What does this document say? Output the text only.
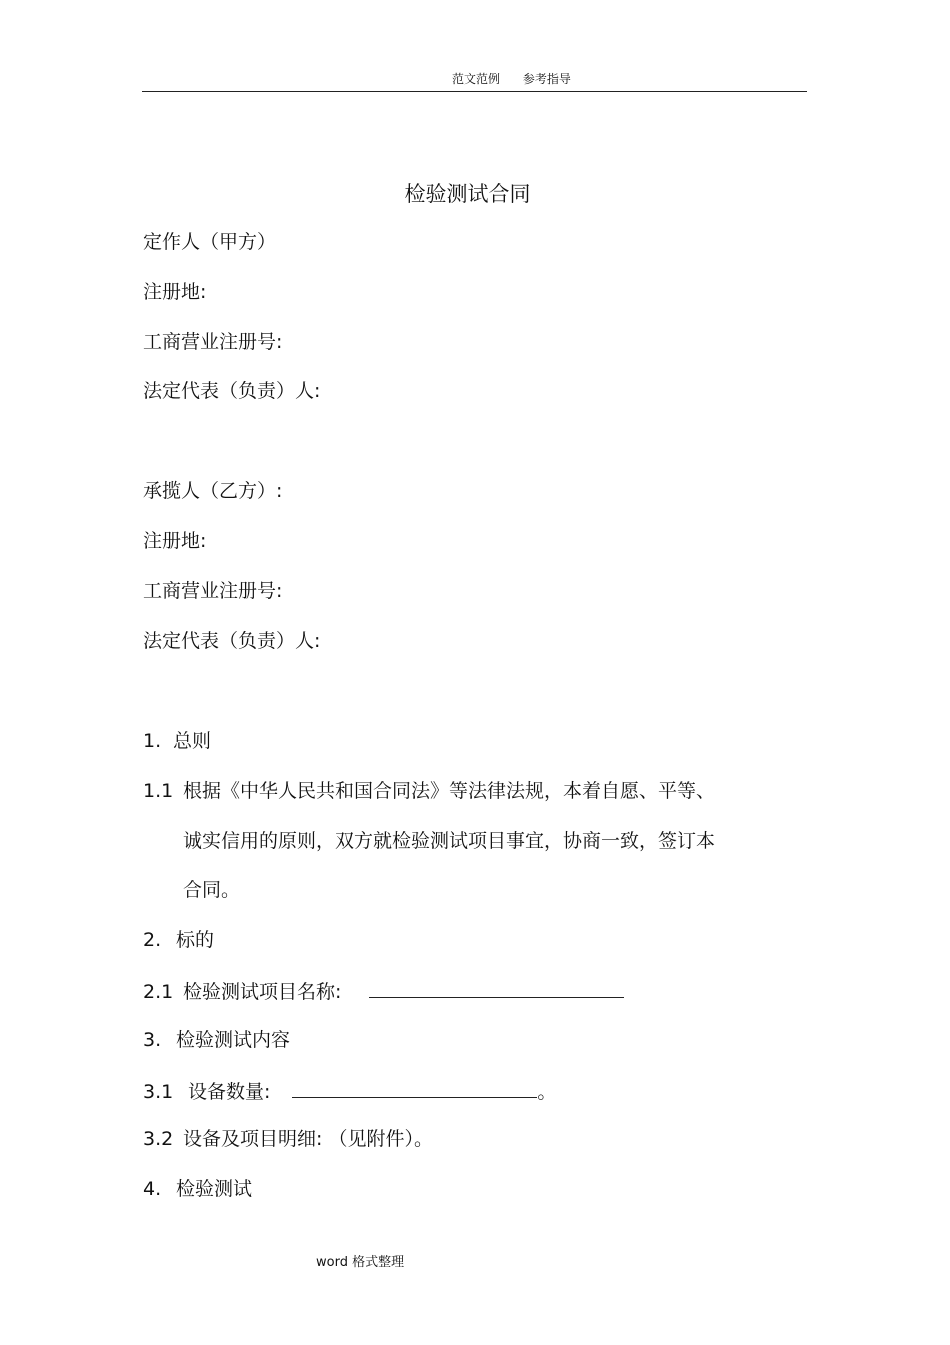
范文范例 参考指导
检验测试合同
定作人（甲方）
注册地:
工商营业注册号:
法定代表（负责）人:
承揽人（乙方）:
注册地:
工商营业注册号:
法定代表（负责）人:
1. 总则
1.1 根据《中华人民共和国合同法》等法律法规，本着自愿、平等、
诚实信用的原则，双方就检验测试项目事宜，协商一致，签订本
合同。
2. 标的
2.1 检验测试项目名称:
3. 检验测试内容
3.1 设备数量:	。
3.2 设备及项目明细: （见附件）。
4. 检验测试
word 格式整理
